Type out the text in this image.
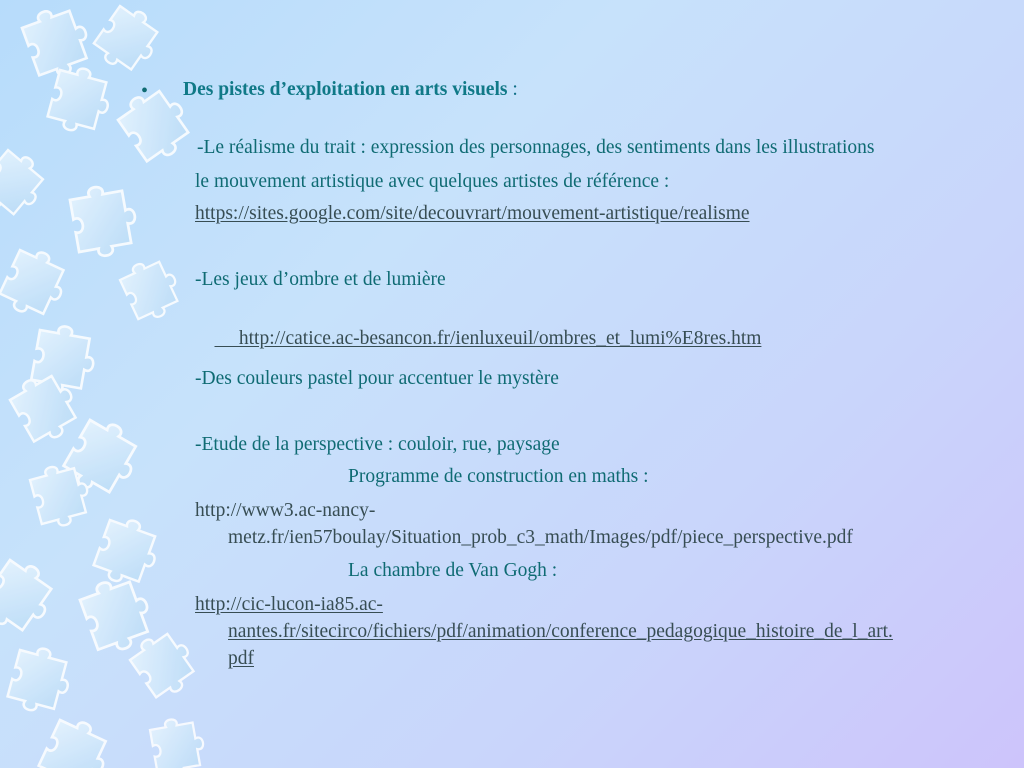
• Des pistes d’exploitation en arts visuels :
-Le réalisme du trait : expression des personnages, des sentiments dans les illustrations
le mouvement artistique avec quelques artistes de référence :
https://sites.google.com/site/decouvrart/mouvement-artistique/realisme
-Les jeux d’ombre et de lumière

http://catice.ac-besancon.fr/ienluxeuil/ombres_et_lumi%E8res.htm

-Des couleurs pastel pour accentuer le mystère
-Etude de la perspective : couloir, rue, paysage
Programme de construction en maths :
http://www3.ac-nancy-
metz.fr/ien57boulay/Situation_prob_c3_math/Images/pdf/piece_perspective.pdf
La chambre de Van Gogh :
http://cic-lucon-ia85.ac-
nantes.fr/sitecirco/fichiers/pdf/animation/conference_pedagogique_histoire_de_l_art.
pdf
